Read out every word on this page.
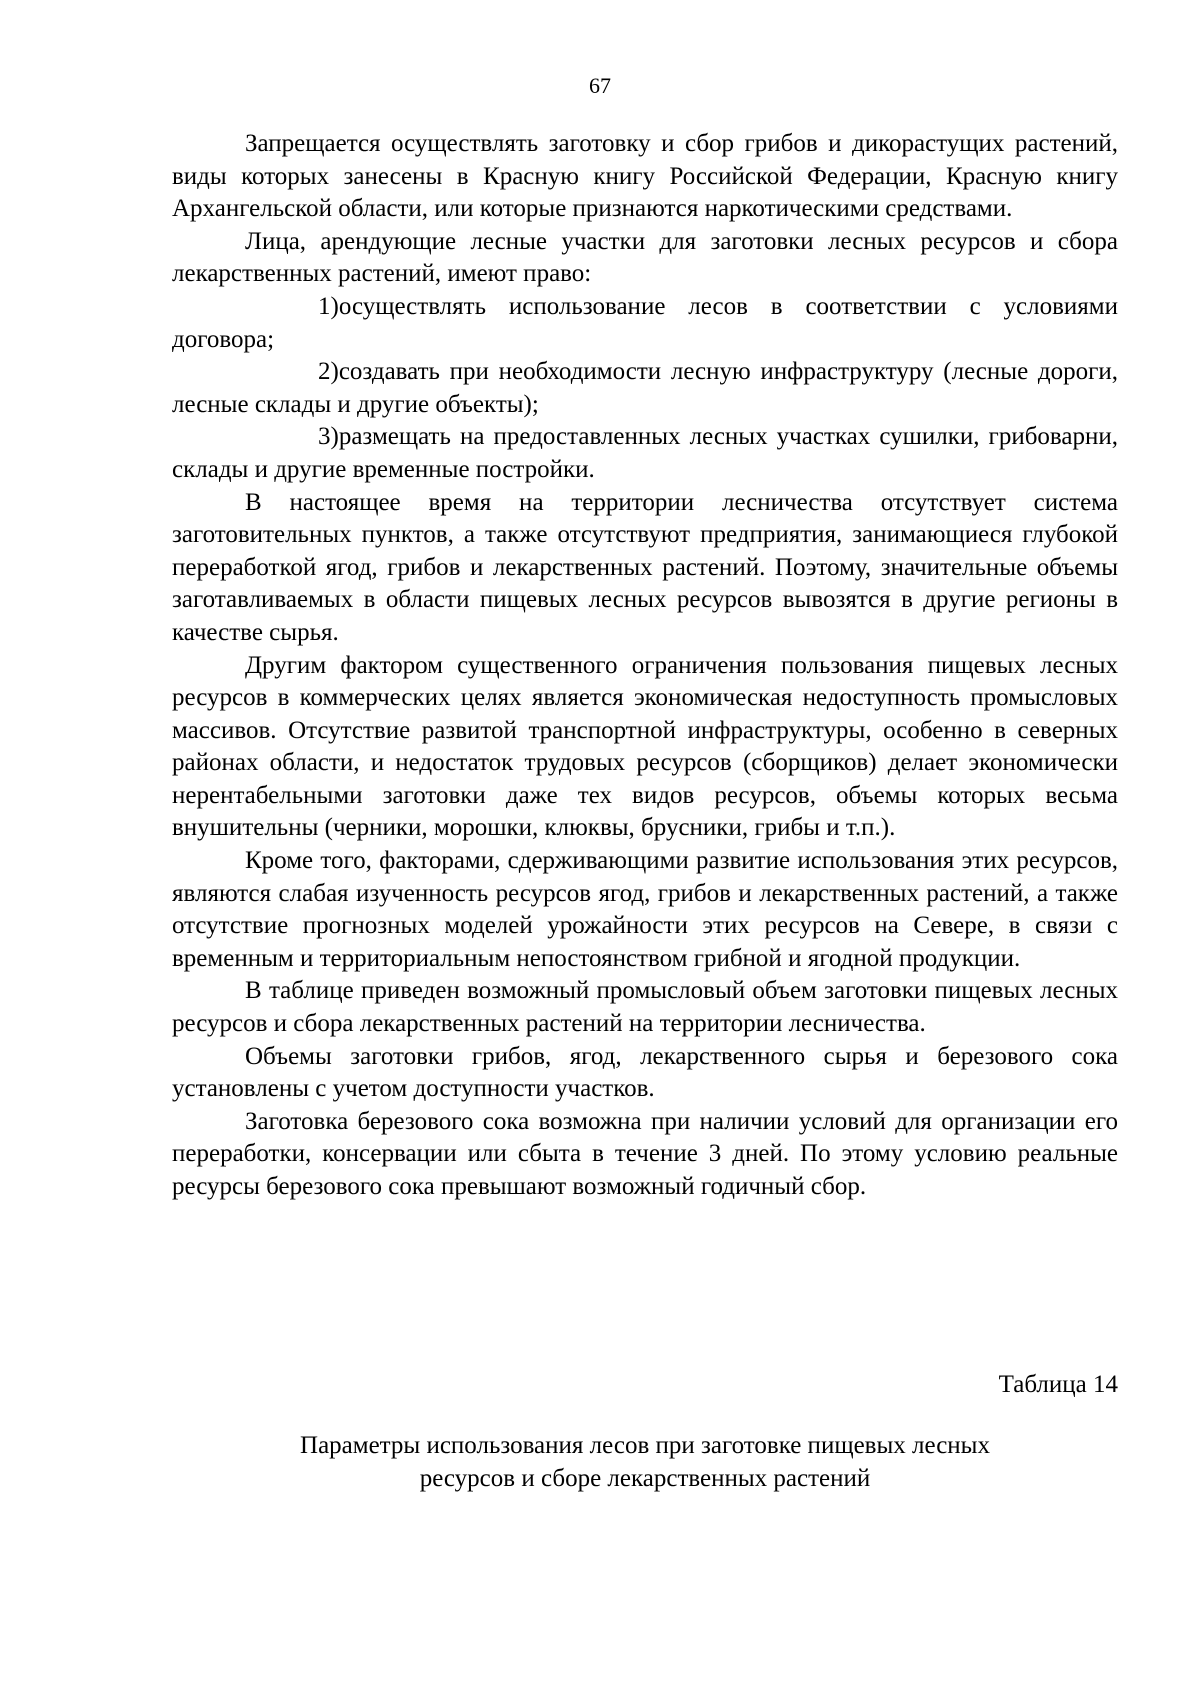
67

Запрещается осуществлять заготовку и сбор грибов и дикорастущих растений, виды которых занесены в Красную книгу Российской Федерации, Красную книгу Архангельской области, или которые признаются наркотическими средствами.

Лица, арендующие лесные участки для заготовки лесных ресурсов и сбора лекарственных растений, имеют право:

1)осуществлять использование лесов в соответствии с условиями договора;

2)создавать при необходимости лесную инфраструктуру (лесные дороги, лесные склады и другие объекты);

3)размещать на предоставленных лесных участках сушилки, грибоварни, склады и другие временные постройки.

В настоящее время на территории лесничества отсутствует система заготовительных пунктов, а также отсутствуют предприятия, занимающиеся глубокой переработкой ягод, грибов и лекарственных растений. Поэтому, значительные объемы заготавливаемых в области пищевых лесных ресурсов вывозятся в другие регионы в качестве сырья.

Другим фактором существенного ограничения пользования пищевых лесных ресурсов в коммерческих целях является экономическая недоступность промысловых массивов. Отсутствие развитой транспортной инфраструктуры, особенно в северных районах области, и недостаток трудовых ресурсов (сборщиков) делает экономически нерентабельными заготовки даже тех видов ресурсов, объемы которых весьма внушительны (черники, морошки, клюквы, брусники, грибы и т.п.).

Кроме того, факторами, сдерживающими развитие использования этих ресурсов, являются слабая изученность ресурсов ягод, грибов и лекарственных растений, а также отсутствие прогнозных моделей урожайности этих ресурсов на Севере, в связи с временным и территориальным непостоянством грибной и ягодной продукции.

В таблице приведен возможный промысловый объем заготовки пищевых лесных ресурсов и сбора лекарственных растений на территории лесничества.

Объемы заготовки грибов, ягод, лекарственного сырья и березового сока установлены с учетом доступности участков.

Заготовка березового сока возможна при наличии условий для организации его переработки, консервации или сбыта в течение 3 дней. По этому условию реальные ресурсы березового сока превышают возможный годичный сбор.

Таблица 14
Параметры использования лесов при заготовке пищевых лесных
ресурсов и сборе лекарственных растений
